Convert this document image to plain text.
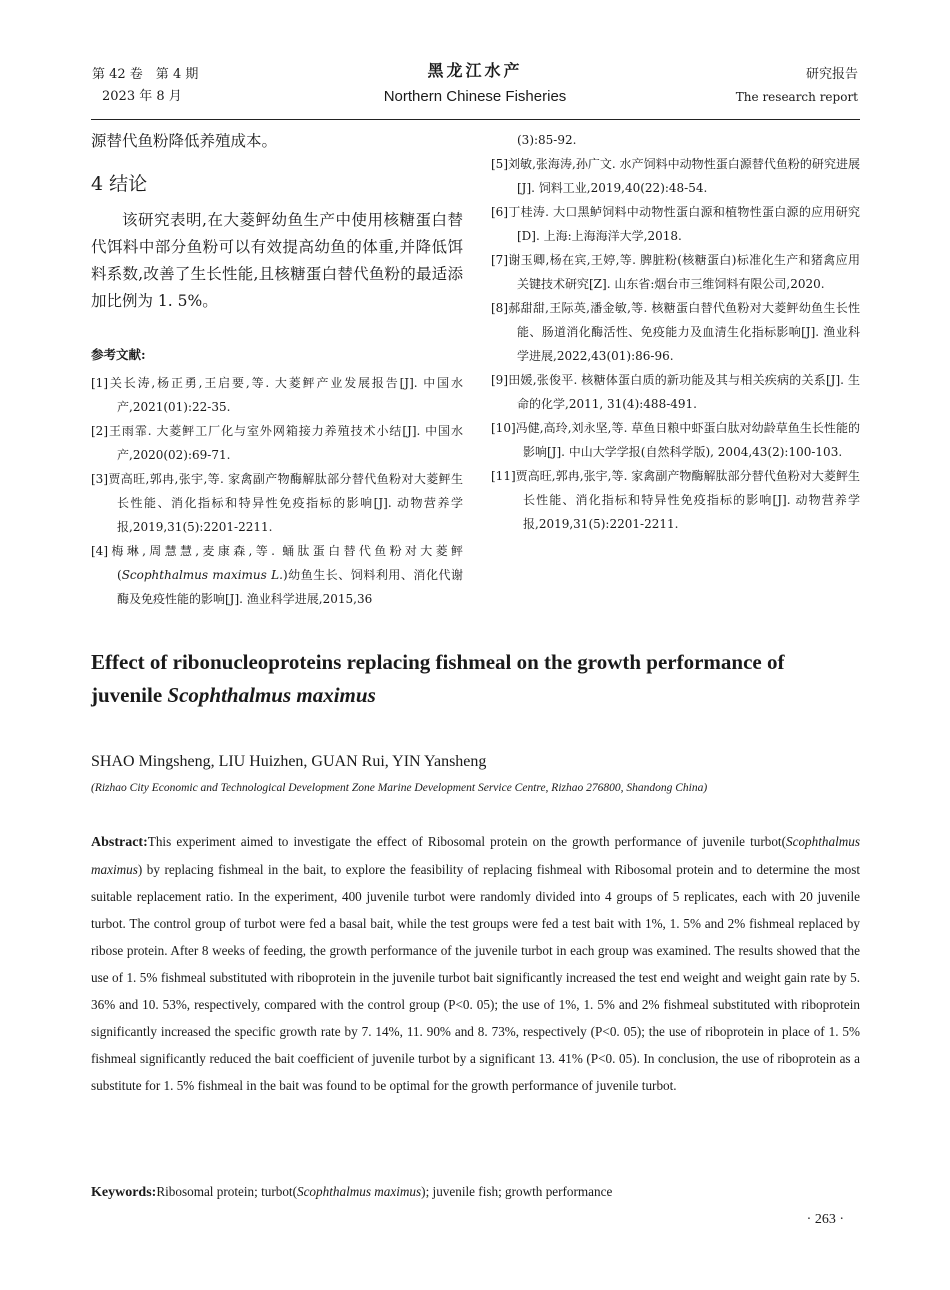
第 42 卷　第 4 期
2023 年 8 月
黑龙江水产
Northern Chinese Fisheries
研究报告
The research report

源替代鱼粉降低养殖成本。

4 结论

该研究表明,在大菱鲆幼鱼生产中使用核糖蛋白替代饵料中部分鱼粉可以有效提高幼鱼的体重,并降低饵料系数,改善了生长性能,且核糖蛋白替代鱼粉的最适添加比例为 1. 5%。

参考文献:

[1]关长涛,杨正勇,王启要,等. 大菱鲆产业发展报告[J]. 中国水产,2021(01):22-35.

[2]王雨霏. 大菱鲆工厂化与室外网箱接力养殖技术小结[J]. 中国水产,2020(02):69-71.

[3]贾高旺,郭冉,张宇,等. 家禽副产物酶解肽部分替代鱼粉对大菱鲆生长性能、消化指标和特异性免疫指标的影响[J]. 动物营养学报,2019,31(5):2201-2211.

[4]梅琳,周慧慧,麦康森,等. 蛹肽蛋白替代鱼粉对大菱鲆(Scophthalmus maximus L.)幼鱼生长、饲料利用、消化代谢酶及免疫性能的影响[J]. 渔业科学进展,2015,36

(3):85-92.

[5]刘敏,张海涛,孙广文. 水产饲料中动物性蛋白源替代鱼粉的研究进展[J]. 饲料工业,2019,40(22):48-54.

[6]丁桂涛. 大口黑鲈饲料中动物性蛋白源和植物性蛋白源的应用研究[D]. 上海:上海海洋大学,2018.

[7]谢玉卿,杨在宾,王婷,等. 脾脏粉(核糖蛋白)标准化生产和猪禽应用关键技术研究[Z]. 山东省:烟台市三维饲料有限公司,2020.

[8]郝甜甜,王际英,潘金敏,等. 核糖蛋白替代鱼粉对大菱鲆幼鱼生长性能、肠道消化酶活性、免疫能力及血清生化指标影响[J]. 渔业科学进展,2022,43(01):86-96.

[9]田媛,张俊平. 核糖体蛋白质的新功能及其与相关疾病的关系[J]. 生命的化学,2011, 31(4):488-491.

[10]冯健,高玲,刘永坚,等. 草鱼日粮中虾蛋白肽对幼龄草鱼生长性能的影响[J]. 中山大学学报(自然科学版), 2004,43(2):100-103.

[11]贾高旺,郭冉,张宇,等. 家禽副产物酶解肽部分替代鱼粉对大菱鲆生长性能、消化指标和特异性免疫指标的影响[J]. 动物营养学报,2019,31(5):2201-2211.

Effect of ribonucleoproteins replacing fishmeal on the growth performance of juvenile Scophthalmus maximus
SHAO Mingsheng, LIU Huizhen, GUAN Rui, YIN Yansheng
(Rizhao City Economic and Technological Development Zone Marine Development Service Centre, Rizhao 276800, Shandong China)

Abstract:This experiment aimed to investigate the effect of Ribosomal protein on the growth performance of juvenile turbot(Scophthalmus maximus) by replacing fishmeal in the bait, to explore the feasibility of replacing fishmeal with Ribosomal protein and to determine the most suitable replacement ratio. In the experiment, 400 juvenile turbot were randomly divided into 4 groups of 5 replicates, each with 20 juvenile turbot. The control group of turbot were fed a basal bait, while the test groups were fed a test bait with 1%, 1. 5% and 2% fishmeal replaced by ribose protein. After 8 weeks of feeding, the growth performance of the juvenile turbot in each group was examined. The results showed that the use of 1. 5% fishmeal substituted with riboprotein in the juvenile turbot bait significantly increased the test end weight and weight gain rate by 5. 36% and 10. 53%, respectively, compared with the control group (P<0. 05); the use of 1%, 1. 5% and 2% fishmeal substituted with riboprotein significantly increased the specific growth rate by 7. 14%, 11. 90% and 8. 73%, respectively (P<0. 05); the use of riboprotein in place of 1. 5% fishmeal significantly reduced the bait coefficient of juvenile turbot by a significant 13. 41% (P<0. 05). In conclusion, the use of riboprotein as a substitute for 1. 5% fishmeal in the bait was found to be optimal for the growth performance of juvenile turbot.

Keywords:Ribosomal protein; turbot(Scophthalmus maximus); juvenile fish; growth performance

· 263 ·
